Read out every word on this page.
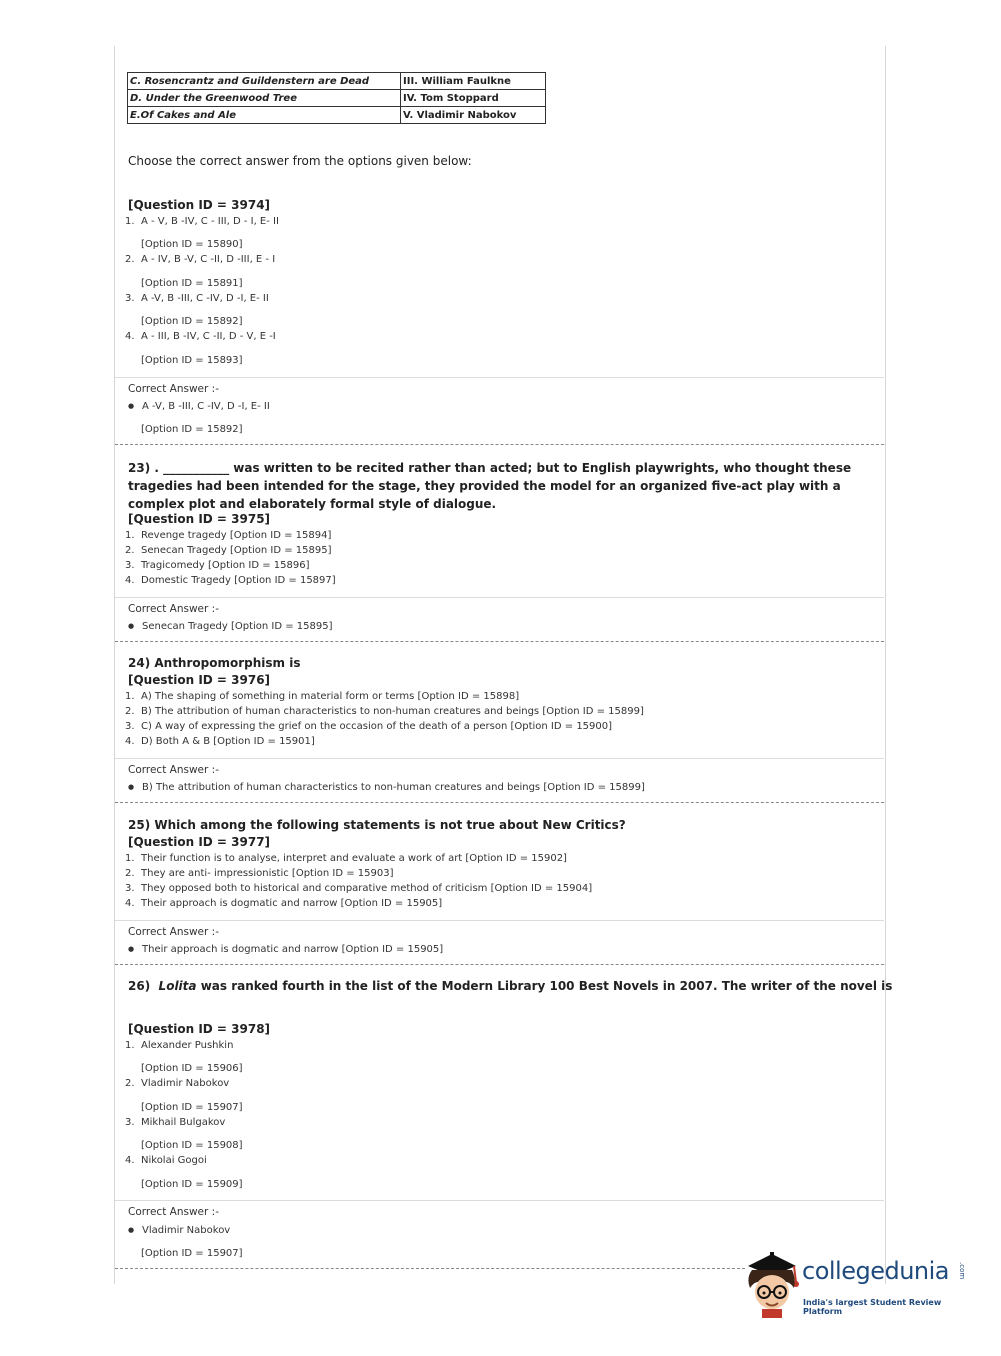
C. Rosencrantz and Guildenstern are Dead	III. William Faulkne
D. Under the Greenwood Tree	IV. Tom Stoppard
E.Of Cakes and Ale	V. Vladimir Nabokov
Choose the correct answer from the options given below:
[Question ID = 3974]
1. A - V, B -IV, C - III, D - I, E- II
[Option ID = 15890]
2. A - IV, B -V, C -II, D -III, E - I
[Option ID = 15891]
3. A -V, B -III, C -IV, D -I, E- II
[Option ID = 15892]
4. A - III, B -IV, C -II, D - V, E -I
[Option ID = 15893]
Correct Answer :-
● A -V, B -III, C -IV, D -I, E- II
[Option ID = 15892]
23) . ___________ was written to be recited rather than acted; but to English playwrights, who thought these tragedies had been intended for the stage, they provided the model for an organized five-act play with a complex plot and elaborately formal style of dialogue.
[Question ID = 3975]
1. Revenge tragedy [Option ID = 15894]
2. Senecan Tragedy [Option ID = 15895]
3. Tragicomedy [Option ID = 15896]
4. Domestic Tragedy [Option ID = 15897]
Correct Answer :-
● Senecan Tragedy [Option ID = 15895]
24) Anthropomorphism is
[Question ID = 3976]
1. A) The shaping of something in material form or terms [Option ID = 15898]
2. B) The attribution of human characteristics to non-human creatures and beings [Option ID = 15899]
3. C) A way of expressing the grief on the occasion of the death of a person [Option ID = 15900]
4. D) Both A & B [Option ID = 15901]
Correct Answer :-
● B) The attribution of human characteristics to non-human creatures and beings [Option ID = 15899]
25) Which among the following statements is not true about New Critics?
[Question ID = 3977]
1. Their function is to analyse, interpret and evaluate a work of art [Option ID = 15902]
2. They are anti- impressionistic [Option ID = 15903]
3. They opposed both to historical and comparative method of criticism [Option ID = 15904]
4. Their approach is dogmatic and narrow [Option ID = 15905]
Correct Answer :-
● Their approach is dogmatic and narrow [Option ID = 15905]
26) Lolita was ranked fourth in the list of the Modern Library 100 Best Novels in 2007. The writer of the novel is
[Question ID = 3978]
1. Alexander Pushkin
[Option ID = 15906]
2. Vladimir Nabokov
[Option ID = 15907]
3. Mikhail Bulgakov
[Option ID = 15908]
4. Nikolai Gogoi
[Option ID = 15909]
Correct Answer :-
● Vladimir Nabokov
[Option ID = 15907]
collegedunia .com
India's largest Student Review Platform
